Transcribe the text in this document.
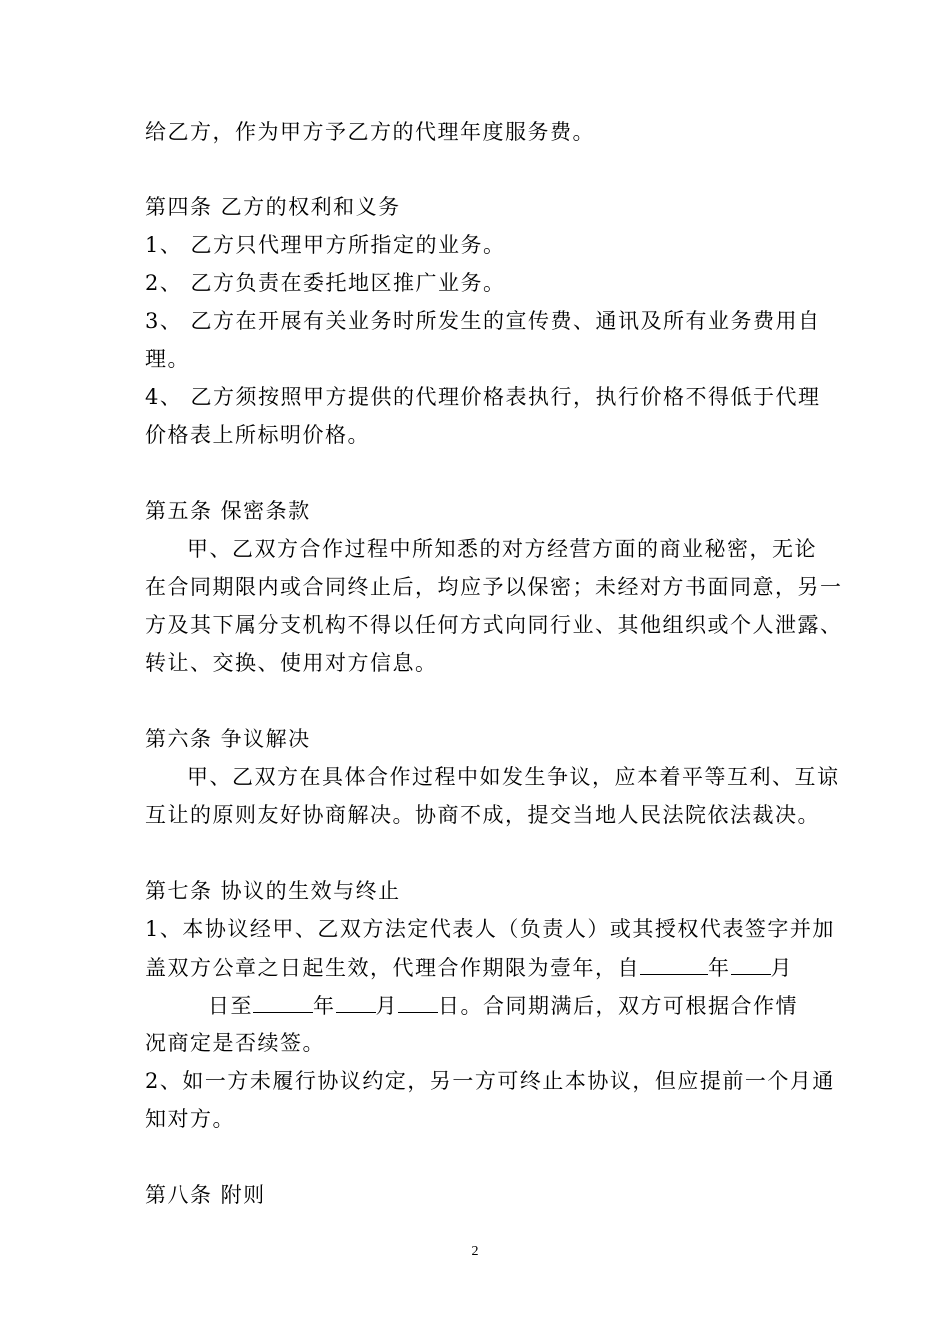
给乙方，作为甲方予乙方的代理年度服务费。
第四条 乙方的权利和义务
1、 乙方只代理甲方所指定的业务。
2、 乙方负责在委托地区推广业务。
3、 乙方在开展有关业务时所发生的宣传费、通讯及所有业务费用自
理。
4、 乙方须按照甲方提供的代理价格表执行，执行价格不得低于代理
价格表上所标明价格。
第五条 保密条款
甲、乙双方合作过程中所知悉的对方经营方面的商业秘密，无论
在合同期限内或合同终止后，均应予以保密；未经对方书面同意，另一
方及其下属分支机构不得以任何方式向同行业、其他组织或个人泄露、
转让、交换、使用对方信息。
第六条 争议解决
甲、乙双方在具体合作过程中如发生争议，应本着平等互利、互谅
互让的原则友好协商解决。协商不成，提交当地人民法院依法裁决。
第七条 协议的生效与终止
1、本协议经甲、乙双方法定代表人（负责人）或其授权代表签字并加
盖双方公章之日起生效，代理合作期限为壹年，自	年 月
日至	年 月 日。合同期满后，双方可根据合作情
况商定是否续签。
2、如一方未履行协议约定，另一方可终止本协议，但应提前一个月通
知对方。
第八条 附则
2
